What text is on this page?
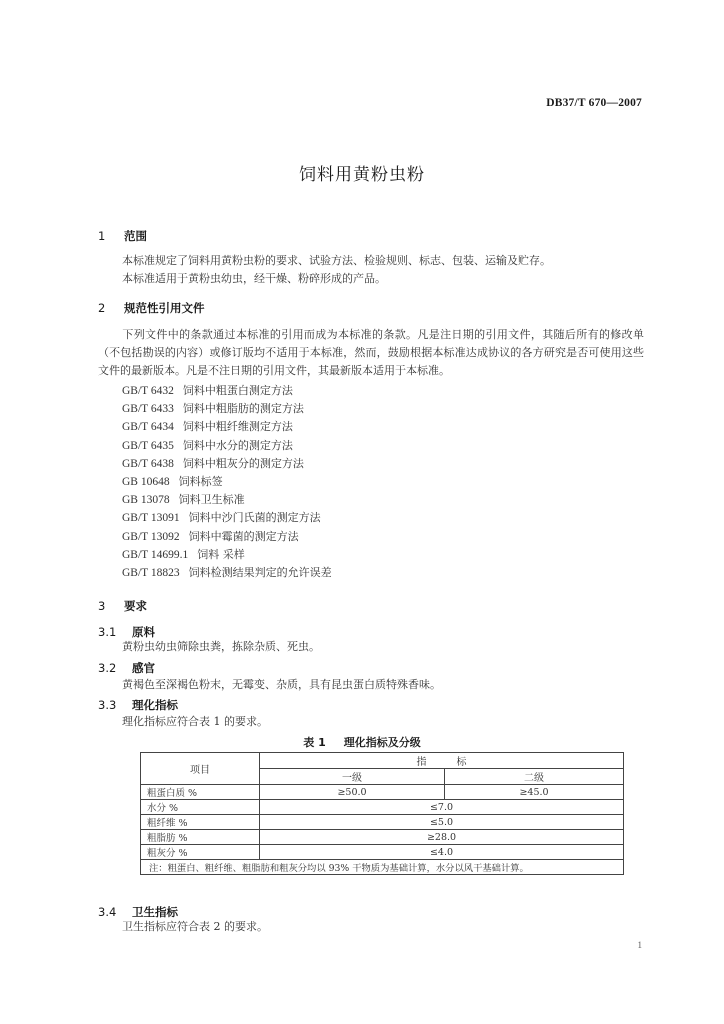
DB37/T 670—2007
饲料用黄粉虫粉
1 范围
本标准规定了饲料用黄粉虫粉的要求、试验方法、检验规则、标志、包装、运输及贮存。
本标准适用于黄粉虫幼虫，经干燥、粉碎形成的产品。
2 规范性引用文件
下列文件中的条款通过本标准的引用而成为本标准的条款。凡是注日期的引用文件，其随后所有的修改单（不包括勘误的内容）或修订版均不适用于本标准，然而，鼓励根据本标准达成协议的各方研究是否可使用这些文件的最新版本。凡是不注日期的引用文件，其最新版本适用于本标准。
GB/T 6432 饲料中粗蛋白测定方法
GB/T 6433 饲料中粗脂肪的测定方法
GB/T 6434 饲料中粗纤维测定方法
GB/T 6435 饲料中水分的测定方法
GB/T 6438 饲料中粗灰分的测定方法
GB 10648 饲料标签
GB 13078 饲料卫生标准
GB/T 13091 饲料中沙门氏菌的测定方法
GB/T 13092 饲料中霉菌的测定方法
GB/T 14699.1 饲料 采样
GB/T 18823 饲料检测结果判定的允许误差
3 要求
3.1 原料
黄粉虫幼虫筛除虫粪，拣除杂质、死虫。
3.2 感官
黄褐色至深褐色粉末，无霉变、杂质，具有昆虫蛋白质特殊香味。
3.3 理化指标
理化指标应符合表 1 的要求。
表 1 理化指标及分级
项目	指　　　标	
	一级	二级
粗蛋白质 %	≥50.0	≥45.0
水分 %	≤7.0	
粗纤维 %	≤5.0	
粗脂肪 %	≥28.0	
粗灰分 %	≤4.0	
注：粗蛋白、粗纤维、粗脂肪和粗灰分均以 93% 干物质为基础计算，水分以风干基础计算。		
3.4 卫生指标
卫生指标应符合表 2 的要求。
1
